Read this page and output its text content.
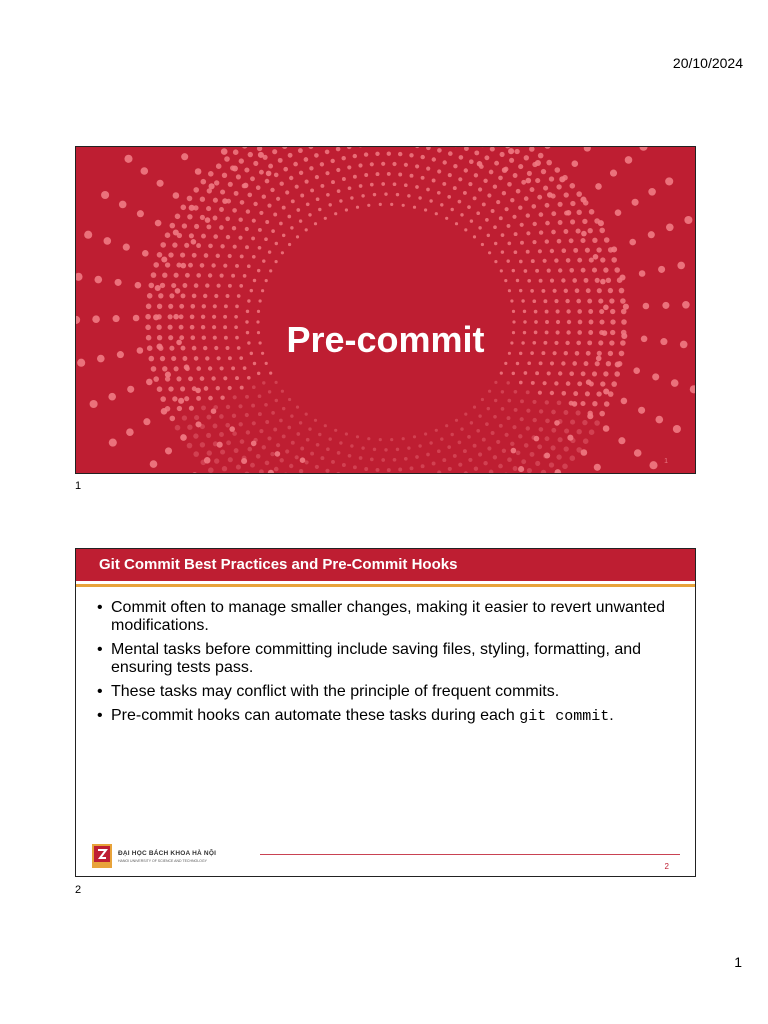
20/10/2024
Pre-commit
1
1
Git Commit Best Practices and Pre-Commit Hooks
• Commit often to manage smaller changes, making it easier to revert unwanted modifications.
• Mental tasks before committing include saving files, styling, formatting, and ensuring tests pass.
• These tasks may conflict with the principle of frequent commits.
• Pre-commit hooks can automate these tasks during each git commit.
ĐẠI HỌC BÁCH KHOA HÀ NỘI
HANOI UNIVERSITY OF SCIENCE AND TECHNOLOGY
2
2
1
